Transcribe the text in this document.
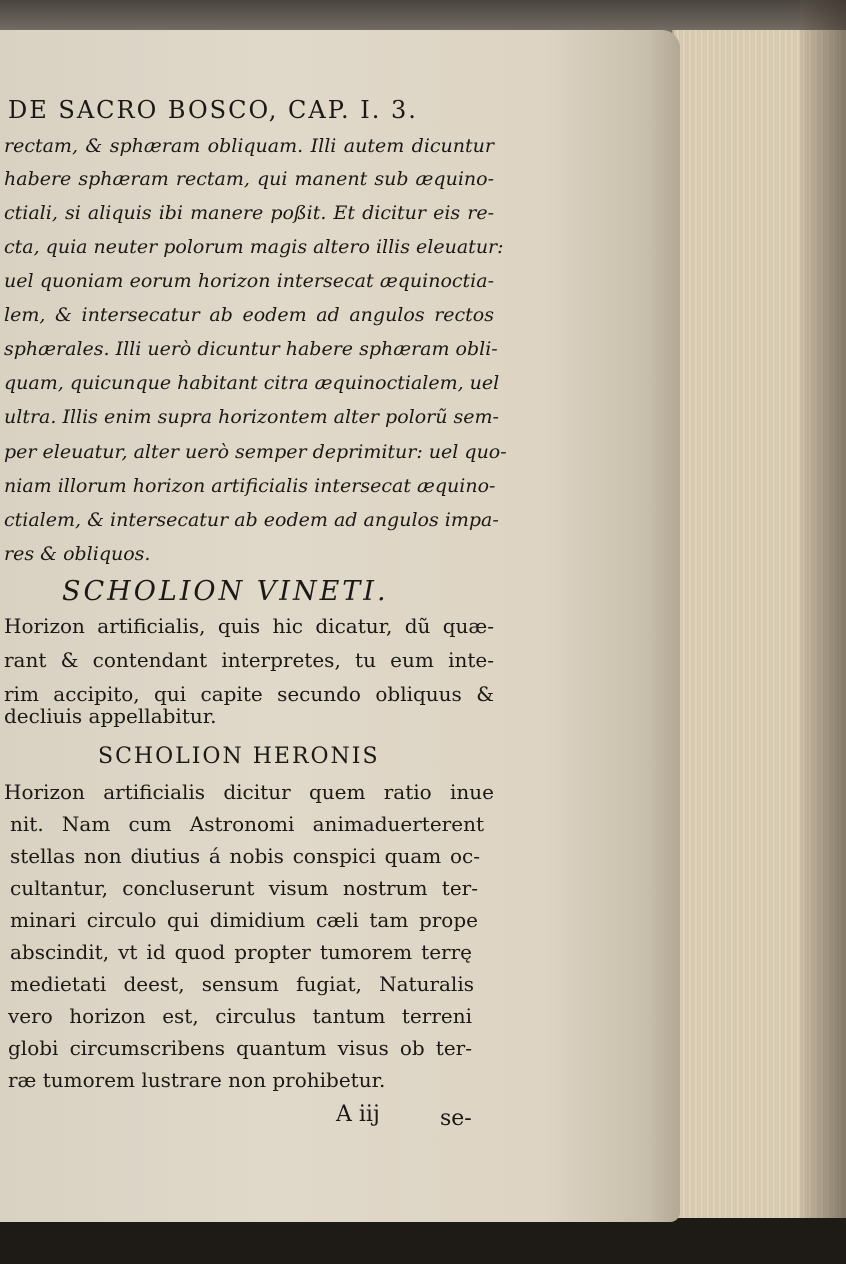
DE SACRO BOSCO, CAP. I. 3.
rectam, & sphæram obliquam. Illi autem dicuntur
habere sphæram rectam, qui manent sub æquino-
ctiali, si aliquis ibi manere poßit. Et dicitur eis re-
cta, quia neuter polorum magis altero illis eleuatur:
uel quoniam eorum horizon intersecat æquinoctia-
lem, & intersecatur ab eodem ad angulos rectos
sphærales. Illi uerò dicuntur habere sphæram obli-
quam, quicunque habitant citra æquinoctialem, uel
ultra. Illis enim supra horizontem alter polorũ sem-
per eleuatur, alter uerò semper deprimitur: uel quo-
niam illorum horizon artificialis intersecat æquino-
ctialem, & intersecatur ab eodem ad angulos impa-
res & obliquos.
SCHOLION VINETI.
Horizon artificialis, quis hic dicatur, dũ quæ-
rant & contendant interpretes, tu eum inte-
rim accipito, qui capite secundo obliquus &
decliuis appellabitur.
SCHOLION HERONIS
Horizon artificialis dicitur quem ratio inue
nit. Nam cum Astronomi animaduerterent
stellas non diutius á nobis conspici quam oc-
cultantur, concluserunt visum nostrum ter-
minari circulo qui dimidium cæli tam prope
abscindit, vt id quod propter tumorem terrę
medietati deest, sensum fugiat, Naturalis
vero horizon est, circulus tantum terreni
globi circumscribens quantum visus ob ter-
ræ tumorem lustrare non prohibetur.
A iij	se-
